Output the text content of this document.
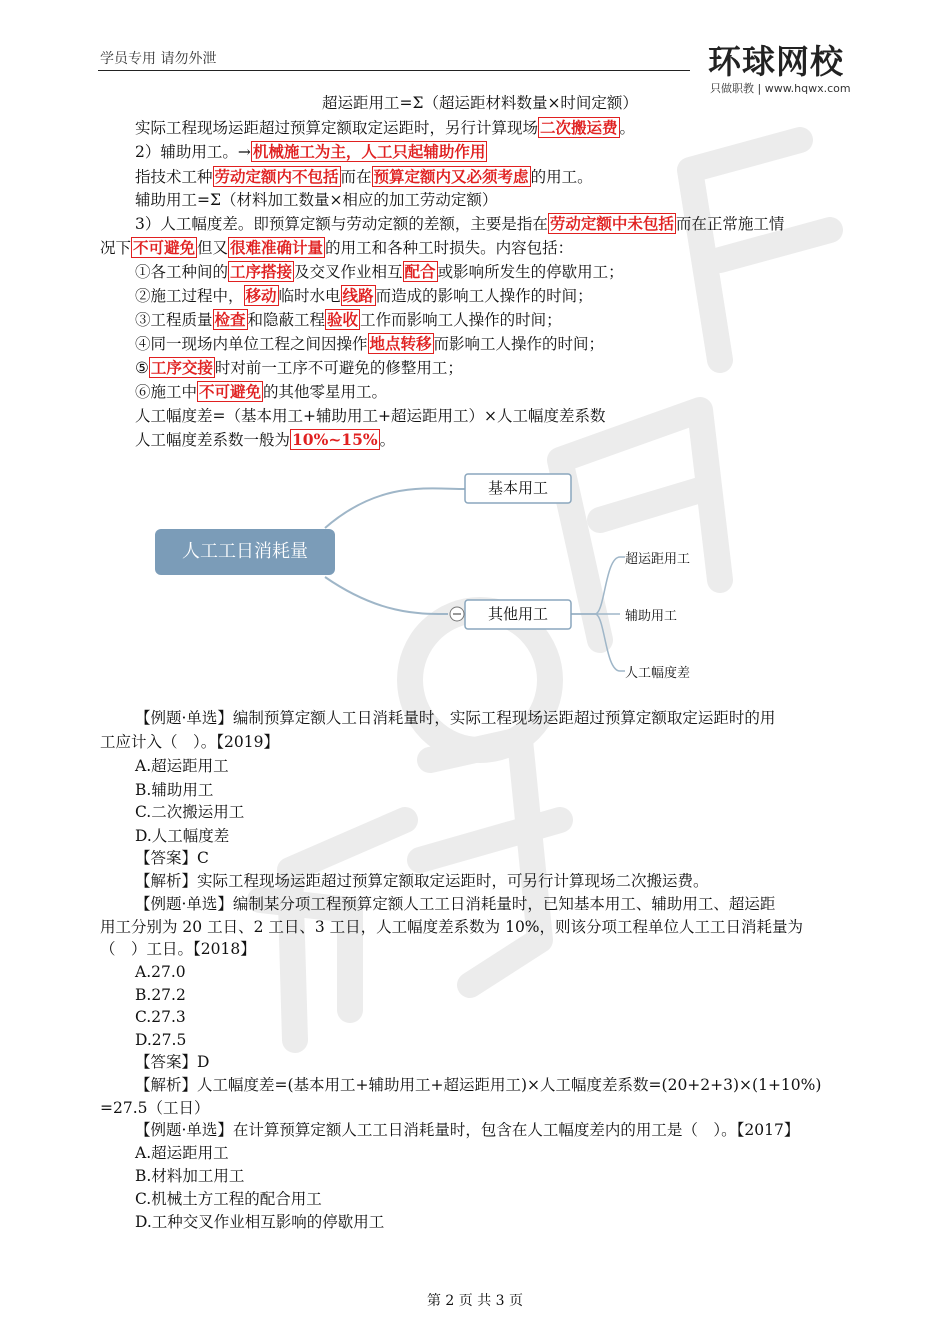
学员专用 请勿外泄	环球网校
只做职教 | www.hqwx.com
超运距用工=Σ（超运距材料数量×时间定额）
实际工程现场运距超过预算定额取定运距时，另行计算现场 二次搬运费 。
2）辅助用工。→ 机械施工为主，人工只起辅助作用
指技术工种 劳动定额内不包括 而在 预算定额内又必须考虑 的用工。
辅助用工=Σ（材料加工数量×相应的加工劳动定额）
3）人工幅度差。即预算定额与劳动定额的差额，主要是指在 劳动定额中未包括 而在正常施工情
况下 不可避免 但又 很难准确计量 的用工和各种工时损失。内容包括：
①各工种间的 工序搭接 及交叉作业相互 配合 或影响所发生的停歇用工；
②施工过程中， 移动 临时水电 线路 而造成的影响工人操作的时间；
③工程质量 检查 和隐蔽工程 验收 工作而影响工人操作的时间；
④同一现场内单位工程之间因操作 地点转移 而影响工人操作的时间；
⑤ 工序交接 时对前一工序不可避免的修整用工；
⑥施工中 不可避免 的其他零星用工。
人工幅度差=（基本用工+辅助用工+超运距用工）×人工幅度差系数
人工幅度差系数一般为 10%~15% 。
人工工日消耗量
基本用工
其他用工
超运距用工
辅助用工
人工幅度差
【例题·单选】编制预算定额人工日消耗量时，实际工程现场运距超过预算定额取定运距时的用
工应计入（　）。【2019】
A.超运距用工
B.辅助用工
C.二次搬运用工
D.人工幅度差
【答案】C
【解析】实际工程现场运距超过预算定额取定运距时，可另行计算现场二次搬运费。
【例题·单选】编制某分项工程预算定额人工工日消耗量时，已知基本用工、辅助用工、超运距
用工分别为 20 工日、2 工日、3 工日，人工幅度差系数为 10%，则该分项工程单位人工工日消耗量为
（　）工日。【2018】
A.27.0
B.27.2
C.27.3
D.27.5
【答案】D
【解析】人工幅度差=(基本用工+辅助用工+超运距用工)×人工幅度差系数=(20+2+3)×(1+10%)
=27.5（工日）
【例题·单选】在计算预算定额人工工日消耗量时，包含在人工幅度差内的用工是（　）。【2017】
A.超运距用工
B.材料加工用工
C.机械土方工程的配合用工
D.工种交叉作业相互影响的停歇用工
第 2 页 共 3 页
